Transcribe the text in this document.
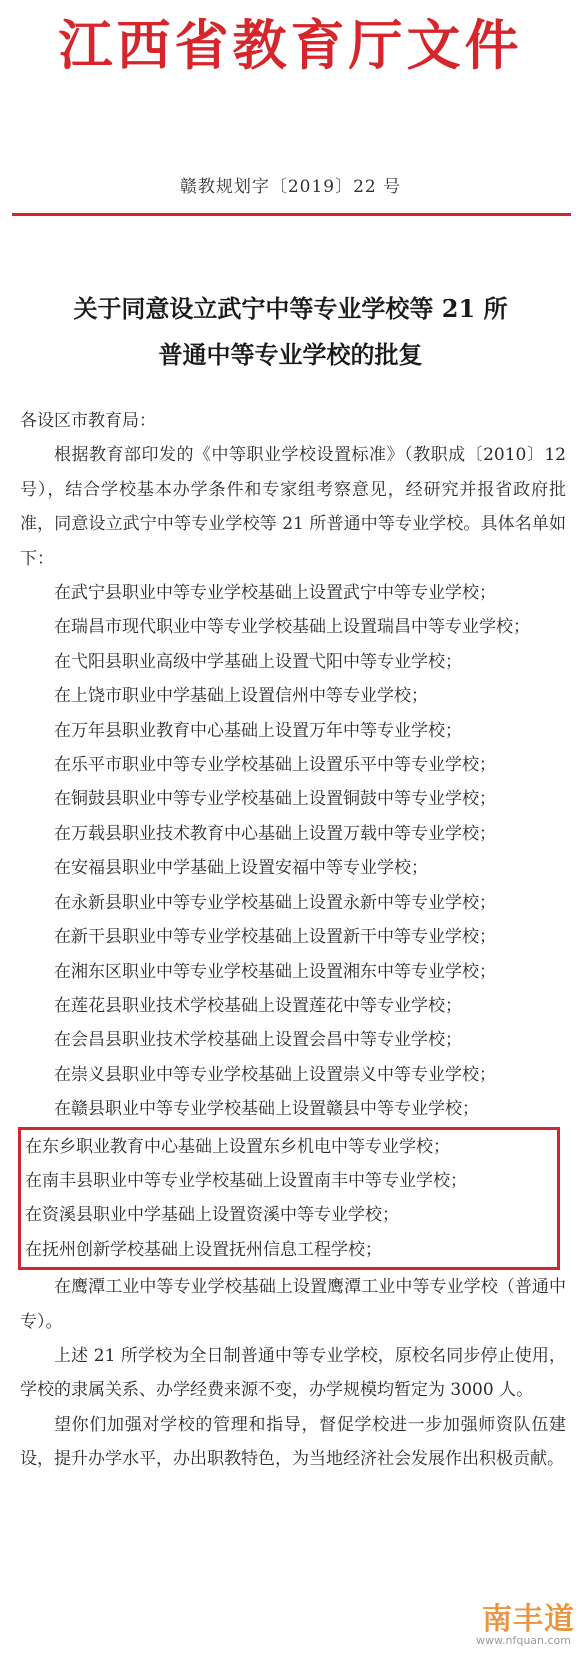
江西省教育厅文件
赣教规划字〔2019〕22 号
关于同意设立武宁中等专业学校等 21 所
普通中等专业学校的批复

各设区市教育局：

根据教育部印发的《中等职业学校设置标准》（教职成〔2010〕12 号），结合学校基本办学条件和专家组考察意见，经研究并报省政府批准，同意设立武宁中等专业学校等 21 所普通中等专业学校。具体名单如下：

在武宁县职业中等专业学校基础上设置武宁中等专业学校；

在瑞昌市现代职业中等专业学校基础上设置瑞昌中等专业学校；

在弋阳县职业高级中学基础上设置弋阳中等专业学校；

在上饶市职业中学基础上设置信州中等专业学校；

在万年县职业教育中心基础上设置万年中等专业学校；

在乐平市职业中等专业学校基础上设置乐平中等专业学校；

在铜鼓县职业中等专业学校基础上设置铜鼓中等专业学校；

在万载县职业技术教育中心基础上设置万载中等专业学校；

在安福县职业中学基础上设置安福中等专业学校；

在永新县职业中等专业学校基础上设置永新中等专业学校；

在新干县职业中等专业学校基础上设置新干中等专业学校；

在湘东区职业中等专业学校基础上设置湘东中等专业学校；

在莲花县职业技术学校基础上设置莲花中等专业学校；

在会昌县职业技术学校基础上设置会昌中等专业学校；

在崇义县职业中等专业学校基础上设置崇义中等专业学校；

在赣县职业中等专业学校基础上设置赣县中等专业学校；

在东乡职业教育中心基础上设置东乡机电中等专业学校；

在南丰县职业中等专业学校基础上设置南丰中等专业学校；

在资溪县职业中学基础上设置资溪中等专业学校；

在抚州创新学校基础上设置抚州信息工程学校；

在鹰潭工业中等专业学校基础上设置鹰潭工业中等专业学校（普通中专）。

上述 21 所学校为全日制普通中等专业学校，原校名同步停止使用，学校的隶属关系、办学经费来源不变，办学规模均暂定为 3000 人。

望你们加强对学校的管理和指导，督促学校进一步加强师资队伍建设，提升办学水平，办出职教特色，为当地经济社会发展作出积极贡献。

南丰道
www.nfquan.com
